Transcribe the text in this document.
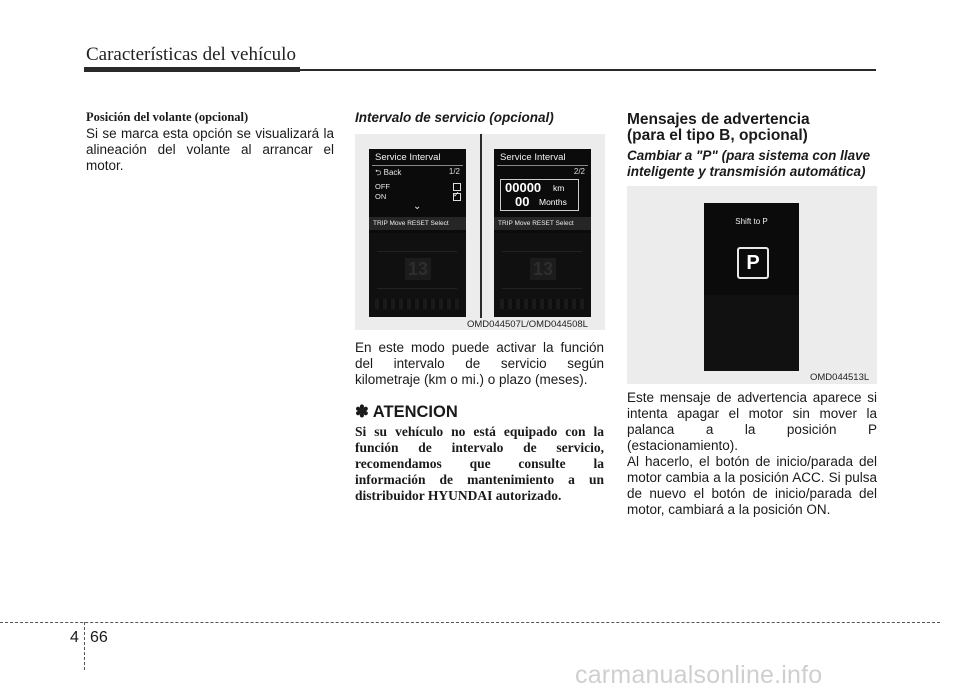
Características del vehículo
Posición del volante (opcional)

Si se marca esta opción se visualizará la alineación del volante al arrancar el motor.

Intervalo de servicio (opcional)
Service Interval
1/2
⮌ Back
OFF
ON
✓
⌄
TRIP Move RESET Select
13
Service Interval
2/2
00000 km
00 Months
TRIP Move RESET Select
13
OMD044507L/OMD044508L

En este modo puede activar la función del intervalo de servicio según kilometraje (km o mi.) o plazo (meses).

✽ ATENCION

Si su vehículo no está equipado con la función de intervalo de servicio, recomendamos que consulte la información de mantenimiento a un distribuidor HYUNDAI autorizado.

Mensajes de advertencia
(para el tipo B, opcional)
Cambiar a "P" (para sistema con llave inteligente y transmisión automática)
Shift to P
P
OMD044513L

Este mensaje de advertencia aparece si intenta apagar el motor sin mover la palanca a la posición P (estacionamiento).

Al hacerlo, el botón de inicio/parada del motor cambia a la posición ACC. Si pulsa de nuevo el botón de inicio/parada del motor, cambiará a la posición ON.

4 66
carmanualsonline.info
